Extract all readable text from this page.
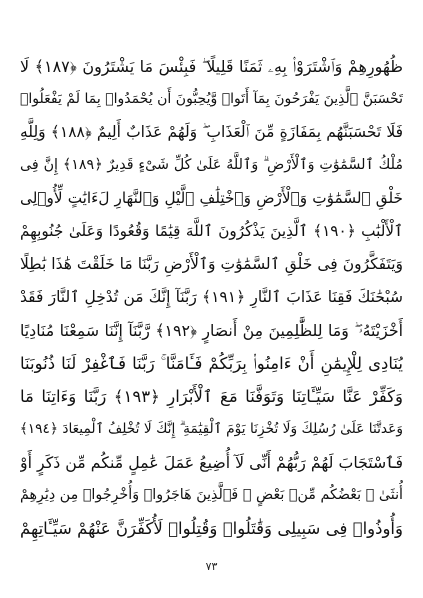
ظُهُورِهِمْ وَٱشْتَرَوْا۟ بِهِۦ ثَمَنًا قَلِيلًا ۖ فَبِئْسَ مَا يَشْتَرُونَ ﴿١٨٧﴾ لَا
تَحْسَبَنَّ ٱلَّذِينَ يَفْرَحُونَ بِمَآ أَتَوا۟ وَّيُحِبُّونَ أَن يُحْمَدُوا۟ بِمَا لَمْ يَفْعَلُوا۟
فَلَا تَحْسَبَنَّهُم بِمَفَازَةٍ مِّنَ ٱلْعَذَابِ ۖ وَلَهُمْ عَذَابٌ أَلِيمٌ ﴿١٨٨﴾ وَلِلَّهِ
مُلْكُ ٱلسَّمَٰوَٰتِ وَٱلْأَرْضِ ۗ وَٱللَّهُ عَلَىٰ كُلِّ شَىْءٍ قَدِيرٌ ﴿١٨٩﴾ إِنَّ فِى
خَلْقِ ٱلسَّمَٰوَٰتِ وَٱلْأَرْضِ وَٱخْتِلَٰفِ ٱلَّيْلِ وَٱلنَّهَارِ لَءَايَٰتٍ لِّأُو۟لِى
ٱلْأَلْبَٰبِ ﴿١٩٠﴾ ٱلَّذِينَ يَذْكُرُونَ ٱللَّهَ قِيَٰمًا وَقُعُودًا وَعَلَىٰ جُنُوبِهِمْ
وَيَتَفَكَّرُونَ فِى خَلْقِ ٱلسَّمَٰوَٰتِ وَٱلْأَرْضِ رَبَّنَا مَا خَلَقْتَ هَٰذَا بَٰطِلًا
سُبْحَٰنَكَ فَقِنَا عَذَابَ ٱلنَّارِ ﴿١٩١﴾ رَبَّنَآ إِنَّكَ مَن تُدْخِلِ ٱلنَّارَ فَقَدْ
أَخْزَيْتَهُۥ ۖ وَمَا لِلظَّٰلِمِينَ مِنْ أَنصَارٍ ﴿١٩٢﴾ رَّبَّنَآ إِنَّنَا سَمِعْنَا مُنَادِيًا
يُنَادِى لِلْإِيمَٰنِ أَنْ ءَامِنُوا۟ بِرَبِّكُمْ فَـَٔامَنَّا ۚ رَبَّنَا فَٱغْفِرْ لَنَا ذُنُوبَنَا
وَكَفِّرْ عَنَّا سَيِّـَٔاتِنَا وَتَوَفَّنَا مَعَ ٱلْأَبْرَارِ ﴿١٩٣﴾ رَبَّنَا وَءَاتِنَا مَا
وَعَدتَّنَا عَلَىٰ رُسُلِكَ وَلَا تُخْزِنَا يَوْمَ ٱلْقِيَٰمَةِ ۗ إِنَّكَ لَا تُخْلِفُ ٱلْمِيعَادَ ﴿١٩٤﴾
فَٱسْتَجَابَ لَهُمْ رَبُّهُمْ أَنِّى لَآ أُضِيعُ عَمَلَ عَٰمِلٍ مِّنكُم مِّن ذَكَرٍ أَوْ
أُنثَىٰ ۖ بَعْضُكُم مِّنۢ بَعْضٍ ۖ فَٱلَّذِينَ هَاجَرُوا۟ وَأُخْرِجُوا۟ مِن دِيَٰرِهِمْ
وَأُوذُوا۟ فِى سَبِيلِى وَقَٰتَلُوا۟ وَقُتِلُوا۟ لَأُكَفِّرَنَّ عَنْهُمْ سَيِّـَٔاتِهِمْ
٧٣
